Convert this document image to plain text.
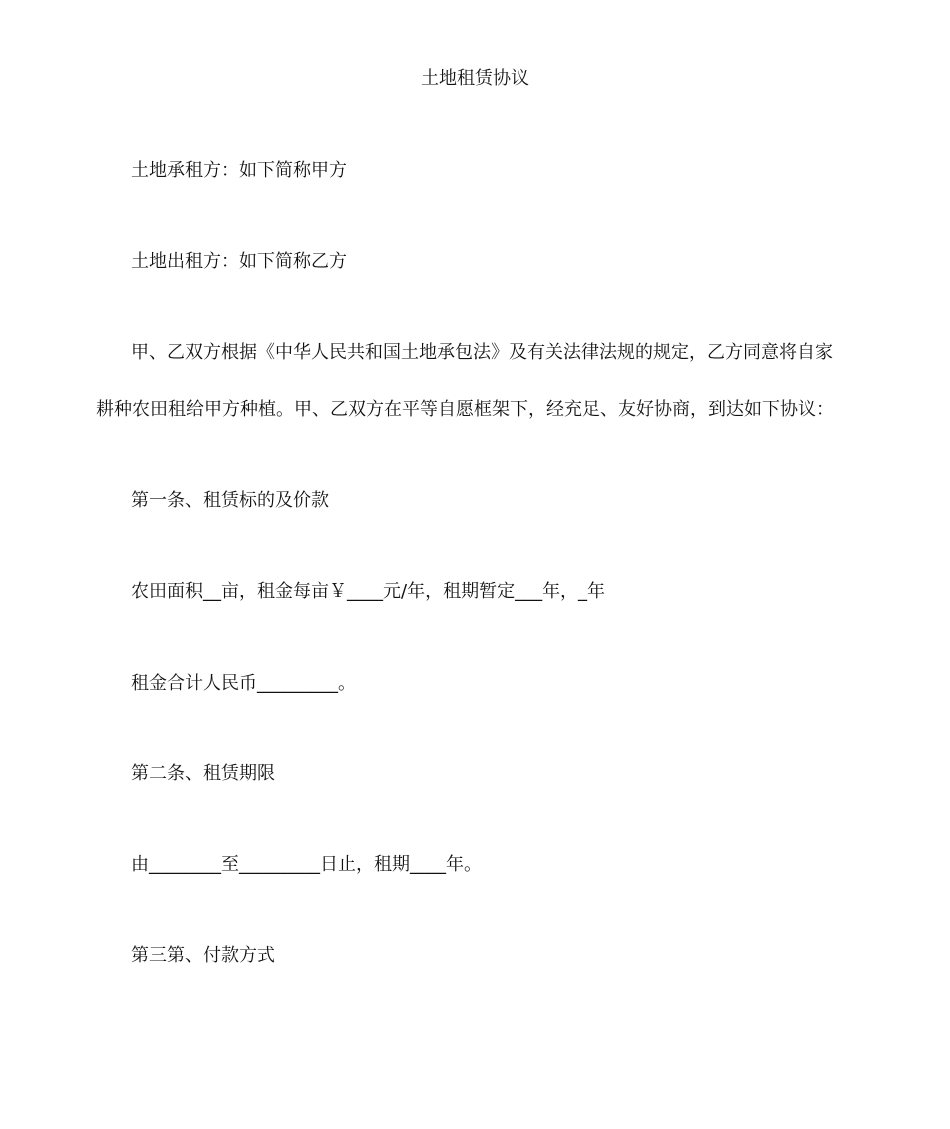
土地租赁协议
土地承租方：如下简称甲方
土地出租方：如下简称乙方
甲、乙双方根据《中华人民共和国土地承包法》及有关法律法规的规定，乙方同意将自家
耕种农田租给甲方种植。甲、乙双方在平等自愿框架下，经充足、友好协商，到达如下协议：
第一条、租赁标的及价款
农田面积__亩，租金每亩￥____元/年，租期暂定___年，_年
租金合计人民币_________。
第二条、租赁期限
由________至_________日止，租期____年。
第三第、付款方式
